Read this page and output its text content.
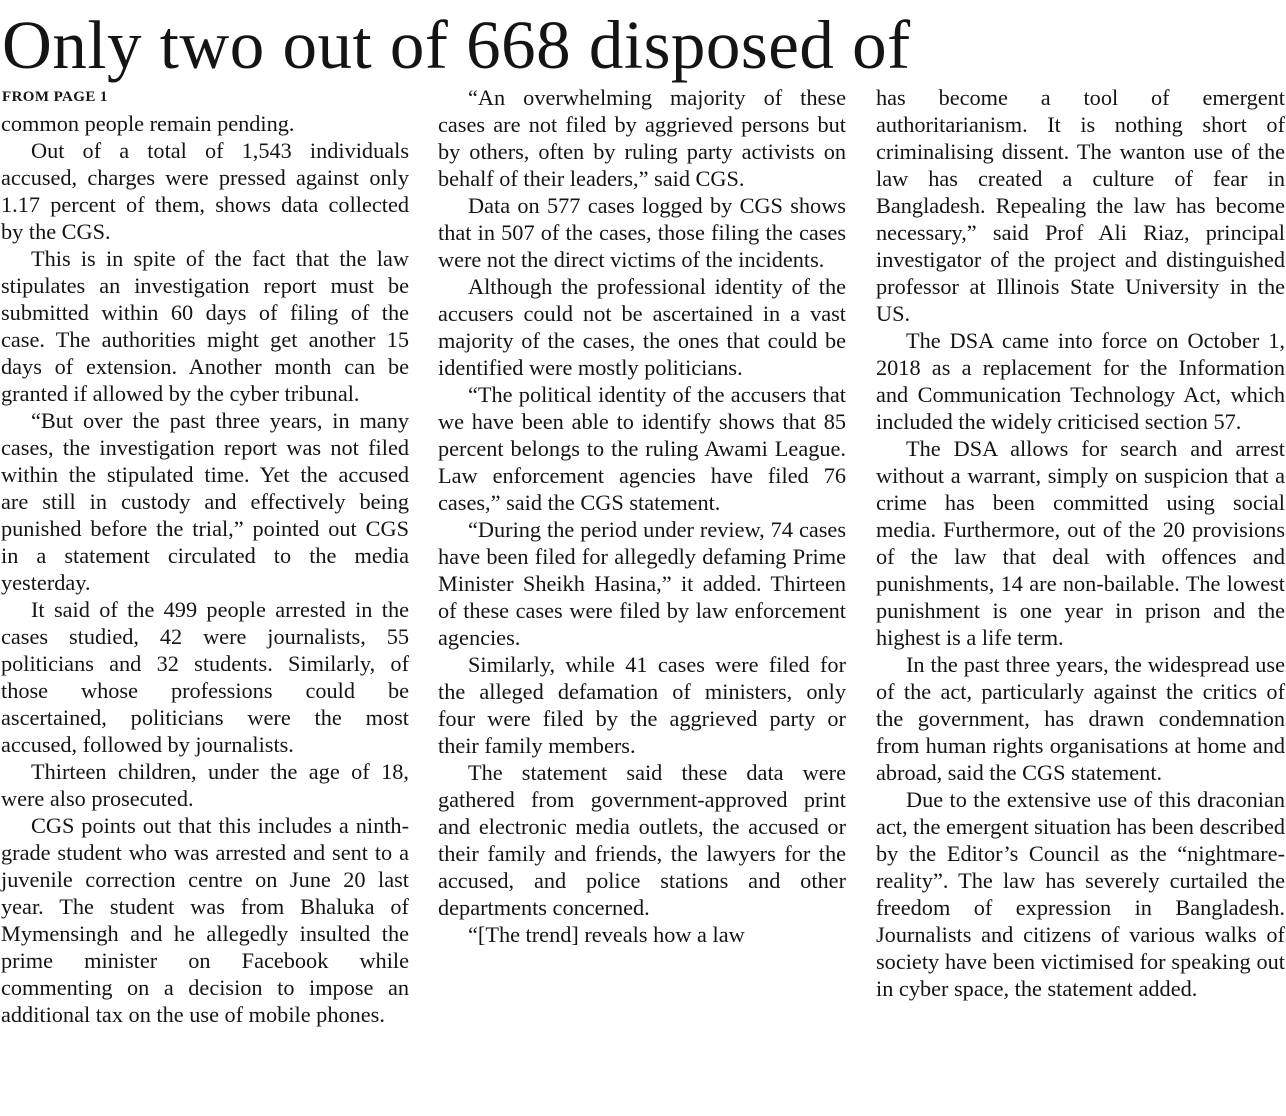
Only two out of 668 disposed of
FROM PAGE 1

common people remain pending.

Out of a total of 1,543 individuals accused, charges were pressed against only 1.17 percent of them, shows data collected by the CGS.

This is in spite of the fact that the law stipulates an investigation report must be submitted within 60 days of filing of the case. The authorities might get another 15 days of extension. Another month can be granted if allowed by the cyber tribunal.

“But over the past three years, in many cases, the investigation report was not filed within the stipulated time. Yet the accused are still in custody and effectively being punished before the trial,” pointed out CGS in a statement circulated to the media yesterday.

It said of the 499 people arrested in the cases studied, 42 were journalists, 55 politicians and 32 students. Similarly, of those whose professions could be ascertained, politicians were the most accused, followed by journalists.

Thirteen children, under the age of 18, were also prosecuted.

CGS points out that this includes a ninth-grade student who was arrested and sent to a juvenile correction centre on June 20 last year. The student was from Bhaluka of Mymensingh and he allegedly insulted the prime minister on Facebook while commenting on a decision to impose an additional tax on the use of mobile phones.

“An overwhelming majority of these cases are not filed by aggrieved persons but by others, often by ruling party activists on behalf of their leaders,” said CGS.

Data on 577 cases logged by CGS shows that in 507 of the cases, those filing the cases were not the direct victims of the incidents.

Although the professional identity of the accusers could not be ascertained in a vast majority of the cases, the ones that could be identified were mostly politicians.

“The political identity of the accusers that we have been able to identify shows that 85 percent belongs to the ruling Awami League. Law enforcement agencies have filed 76 cases,” said the CGS statement.

“During the period under review, 74 cases have been filed for allegedly defaming Prime Minister Sheikh Hasina,” it added. Thirteen of these cases were filed by law enforcement agencies.

Similarly, while 41 cases were filed for the alleged defamation of ministers, only four were filed by the aggrieved party or their family members.

The statement said these data were gathered from government-approved print and electronic media outlets, the accused or their family and friends, the lawyers for the accused, and police stations and other departments concerned.

“[The trend] reveals how a law

has become a tool of emergent authoritarianism. It is nothing short of criminalising dissent. The wanton use of the law has created a culture of fear in Bangladesh. Repealing the law has become necessary,” said Prof Ali Riaz, principal investigator of the project and distinguished professor at Illinois State University in the US.

The DSA came into force on October 1, 2018 as a replacement for the Information and Communication Technology Act, which included the widely criticised section 57.

The DSA allows for search and arrest without a warrant, simply on suspicion that a crime has been committed using social media. Furthermore, out of the 20 provisions of the law that deal with offences and punishments, 14 are non-bailable. The lowest punishment is one year in prison and the highest is a life term.

In the past three years, the widespread use of the act, particularly against the critics of the government, has drawn condemnation from human rights organisations at home and abroad, said the CGS statement.

Due to the extensive use of this draconian act, the emergent situation has been described by the Editor’s Council as the “nightmare-reality”. The law has severely curtailed the freedom of expression in Bangladesh. Journalists and citizens of various walks of society have been victimised for speaking out in cyber space, the statement added.
